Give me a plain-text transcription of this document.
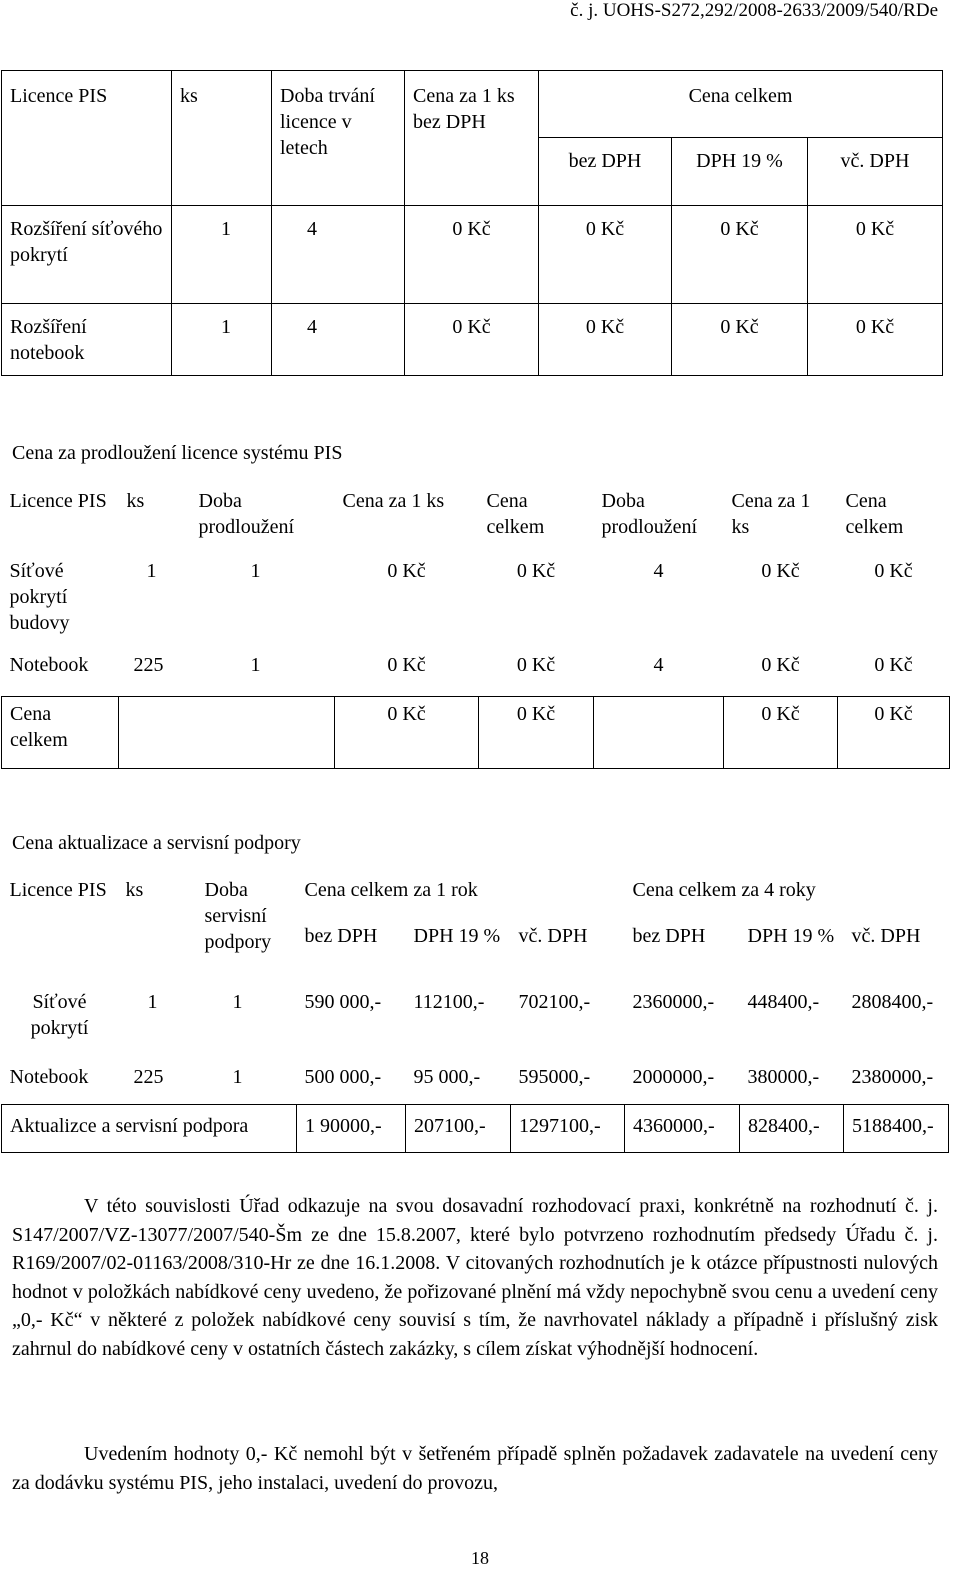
č. j. UOHS-S272,292/2008-2633/2009/540/RDe
Licence PIS	ks	Doba trvání licence v letech	Cena za 1 ks bez DPH	Cena celkem		
				bez DPH	DPH 19 %	vč. DPH
Rozšíření síťového pokrytí	1	4	0 Kč	0 Kč	0 Kč	0 Kč
Rozšíření notebook	1	4	0 Kč	0 Kč	0 Kč	0 Kč
Cena za prodloužení licence systému PIS
Licence PIS	ks	Doba prodloužení	Cena za 1 ks	Cena celkem	Doba prodloužení	Cena za 1 ks	Cena celkem
Síťové pokrytí budovy	1	1	0 Kč	0 Kč	4	0 Kč	0 Kč
Notebook	225	1	0 Kč	0 Kč	4	0 Kč	0 Kč
Cena celkem			0 Kč	0 Kč		0 Kč	0 Kč
Cena aktualizace a servisní podpory
Licence PIS	ks	Doba servisní podpory	Cena celkem za 1 rok			Cena celkem za 4 roky		
			bez DPH	DPH 19 %	vč. DPH	bez DPH	DPH 19 %	vč. DPH
Síťové pokrytí	1	1	590 000,-	112100,-	702100,-	2360000,-	448400,-	2808400,-
Notebook	225	1	500 000,-	95 000,-	595000,-	2000000,-	380000,-	2380000,-
Aktualizce a servisní podpora			1 90000,-	207100,-	1297100,-	4360000,-	828400,-	5188400,-
V této souvislosti Úřad odkazuje na svou dosavadní rozhodovací praxi, konkrétně na rozhodnutí č. j. S147/2007/VZ-13077/2007/540-Šm ze dne 15.8.2007, které bylo potvrzeno rozhodnutím předsedy Úřadu č. j. R169/2007/02-01163/2008/310-Hr ze dne 16.1.2008. V citovaných rozhodnutích je k otázce přípustnosti nulových hodnot v položkách nabídkové ceny uvedeno, že pořizované plnění má vždy nepochybně svou cenu a uvedení ceny „0,- Kč“ v některé z položek nabídkové ceny souvisí s tím, že navrhovatel náklady a případně i příslušný zisk zahrnul do nabídkové ceny v ostatních částech zakázky, s cílem získat výhodnější hodnocení.
Uvedením hodnoty 0,- Kč nemohl být v šetřeném případě splněn požadavek zadavatele na uvedení ceny za dodávku systému PIS, jeho instalaci, uvedení do provozu,
18
